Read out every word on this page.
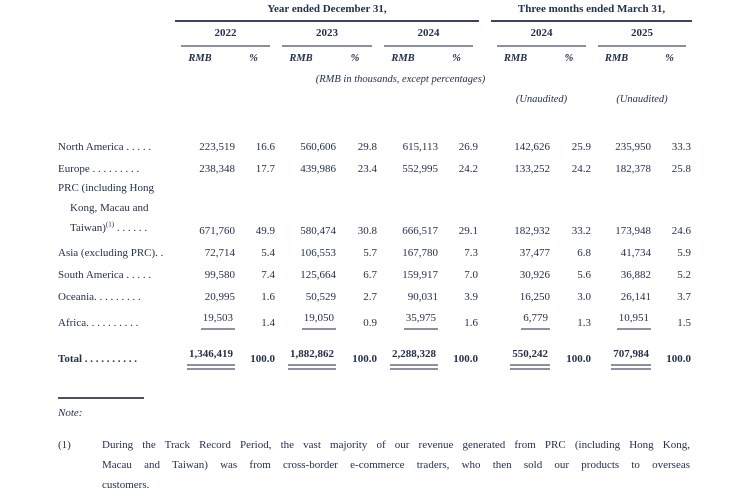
	Year ended December 31,							Three months ended March 31,			

	2022		2023		2024			2024		2025	

	RMB	%	RMB	%	RMB	%		RMB	%	RMB	%
	(RMB in thousands, except percentages)										
								(Unaudited)		(Unaudited)	

North America . . . . .	223,519	16.6	560,606	29.8	615,113	26.9		142,626	25.9	235,950	33.3
Europe . . . . . . . . .	238,348	17.7	439,986	23.4	552,995	24.2		133,252	24.2	182,378	25.8

PRC (including Hong
Kong, Macau and
Taiwan)$^{(1)}$ . . . . . .	671,760	49.9	580,474	30.8	666,517	29.1		182,932	33.2	173,948	24.6
Asia (excluding PRC). .	72,714	5.4	106,553	5.7	167,780	7.3		37,477	6.8	41,734	5.9
South America . . . . .	99,580	7.4	125,664	6.7	159,917	7.0		30,926	5.6	36,882	5.2
Oceania. . . . . . . . .	20,995	1.6	50,529	2.7	90,031	3.9		16,250	3.0	26,141	3.7
Africa. . . . . . . . . .	19,503	1.4	19,050	0.9	35,975	1.6		6,779	1.3	10,951	1.5
Total . . . . . . . . . .	1,346,419	100.0	1,882,862	100.0	2,288,328	100.0		550,242	100.0	707,984	100.0
Note:
(1)	During the Track Record Period, the vast majority of our revenue generated from PRC (including Hong Kong,
Macau and Taiwan) was from cross-border e-commerce traders, who then sold our products to overseas
customers.
